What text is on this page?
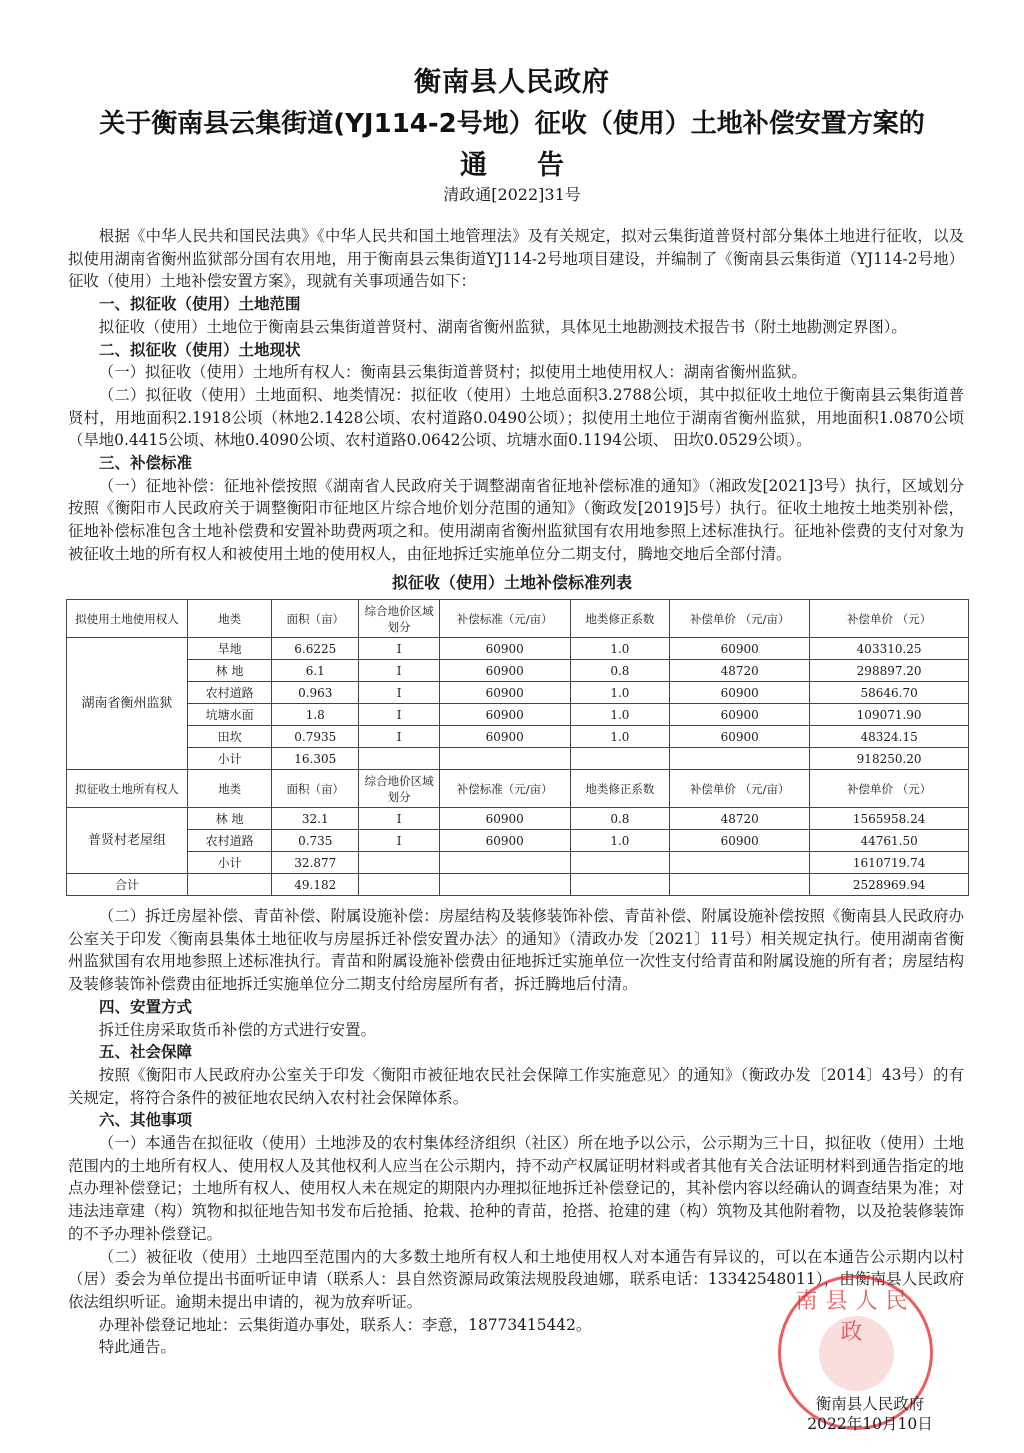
衡南县人民政府
关于衡南县云集街道(YJ114-2号地）征收（使用）土地补偿安置方案的
通告
清政通[2022]31号

根据《中华人民共和国民法典》《中华人民共和国土地管理法》及有关规定，拟对云集街道普贤村部分集体土地进行征收，以及拟使用湖南省衡州监狱部分国有农用地，用于衡南县云集街道YJ114-2号地项目建设，并编制了《衡南县云集街道（YJ114-2号地）征收（使用）土地补偿安置方案》，现就有关事项通告如下：

一、拟征收（使用）土地范围

拟征收（使用）土地位于衡南县云集街道普贤村、湖南省衡州监狱，具体见土地勘测技术报告书（附土地勘测定界图）。

二、拟征收（使用）土地现状

（一）拟征收（使用）土地所有权人：衡南县云集街道普贤村；拟使用土地使用权人：湖南省衡州监狱。

（二）拟征收（使用）土地面积、地类情况：拟征收（使用）土地总面积3.2788公顷，其中拟征收土地位于衡南县云集街道普贤村，用地面积2.1918公顷（林地2.1428公顷、农村道路0.0490公顷）；拟使用土地位于湖南省衡州监狱，用地面积1.0870公顷（旱地0.4415公顷、林地0.4090公顷、农村道路0.0642公顷、坑塘水面0.1194公顷、 田坎0.0529公顷）。

三、补偿标准

（一）征地补偿：征地补偿按照《湖南省人民政府关于调整湖南省征地补偿标准的通知》（湘政发[2021]3号）执行，区域划分按照《衡阳市人民政府关于调整衡阳市征地区片综合地价划分范围的通知》（衡政发[2019]5号）执行。征收土地按土地类别补偿，征地补偿标准包含土地补偿费和安置补助费两项之和。使用湖南省衡州监狱国有农用地参照上述标准执行。征地补偿费的支付对象为被征收土地的所有权人和被使用土地的使用权人，由征地拆迁实施单位分二期支付，腾地交地后全部付清。

拟征收（使用）土地补偿标准列表
拟使用土地使用权人	地类	面积（亩）	综合地价区域划分	补偿标准（元/亩）	地类修正系数	补偿单价 （元/亩）	补偿单价 （元）
湖南省衡州监狱	旱地	6.6225	Ⅰ	60900	1.0	60900	403310.25
	林 地	6.1	Ⅰ	60900	0.8	48720	298897.20
	农村道路	0.963	Ⅰ	60900	1.0	60900	58646.70
	坑塘水面	1.8	Ⅰ	60900	1.0	60900	109071.90
	田坎	0.7935	Ⅰ	60900	1.0	60900	48324.15
	小计	16.305					918250.20
拟征收土地所有权人	地类	面积（亩）	综合地价区域划分	补偿标准（元/亩）	地类修正系数	补偿单价 （元/亩）	补偿单价 （元）
普贤村老屋组	林 地	32.1	Ⅰ	60900	0.8	48720	1565958.24
	农村道路	0.735	Ⅰ	60900	1.0	60900	44761.50
	小计	32.877					1610719.74
合计		49.182					2528969.94

（二）拆迁房屋补偿、青苗补偿、附属设施补偿：房屋结构及装修装饰补偿、青苗补偿、附属设施补偿按照《衡南县人民政府办公室关于印发〈衡南县集体土地征收与房屋拆迁补偿安置办法〉的通知》（清政办发〔2021〕11号）相关规定执行。使用湖南省衡州监狱国有农用地参照上述标准执行。青苗和附属设施补偿费由征地拆迁实施单位一次性支付给青苗和附属设施的所有者；房屋结构及装修装饰补偿费由征地拆迁实施单位分二期支付给房屋所有者，拆迁腾地后付清。

四、安置方式

拆迁住房采取货币补偿的方式进行安置。

五、社会保障

按照《衡阳市人民政府办公室关于印发〈衡阳市被征地农民社会保障工作实施意见〉的通知》（衡政办发〔2014〕43号）的有关规定，将符合条件的被征地农民纳入农村社会保障体系。

六、其他事项

（一）本通告在拟征收（使用）土地涉及的农村集体经济组织（社区）所在地予以公示，公示期为三十日，拟征收（使用）土地范围内的土地所有权人、使用权人及其他权利人应当在公示期内，持不动产权属证明材料或者其他有关合法证明材料到通告指定的地点办理补偿登记；土地所有权人、使用权人未在规定的期限内办理拟征地拆迁补偿登记的，其补偿内容以经确认的调查结果为准；对违法违章建（构）筑物和拟征地告知书发布后抢插、抢栽、抢种的青苗，抢搭、抢建的建（构）筑物及其他附着物，以及抢装修装饰的不予办理补偿登记。

（二）被征收（使用）土地四至范围内的大多数土地所有权人和土地使用权人对本通告有异议的，可以在本通告公示期内以村（居）委会为单位提出书面听证申请（联系人：县自然资源局政策法规股段迪娜，联系电话：13342548011），由衡南县人民政府依法组织听证。逾期未提出申请的，视为放弃听证。

办理补偿登记地址：云集街道办事处，联系人：李意，18773415442。

特此通告。

南县人民政
衡南县人民政府
2022年10月10日
